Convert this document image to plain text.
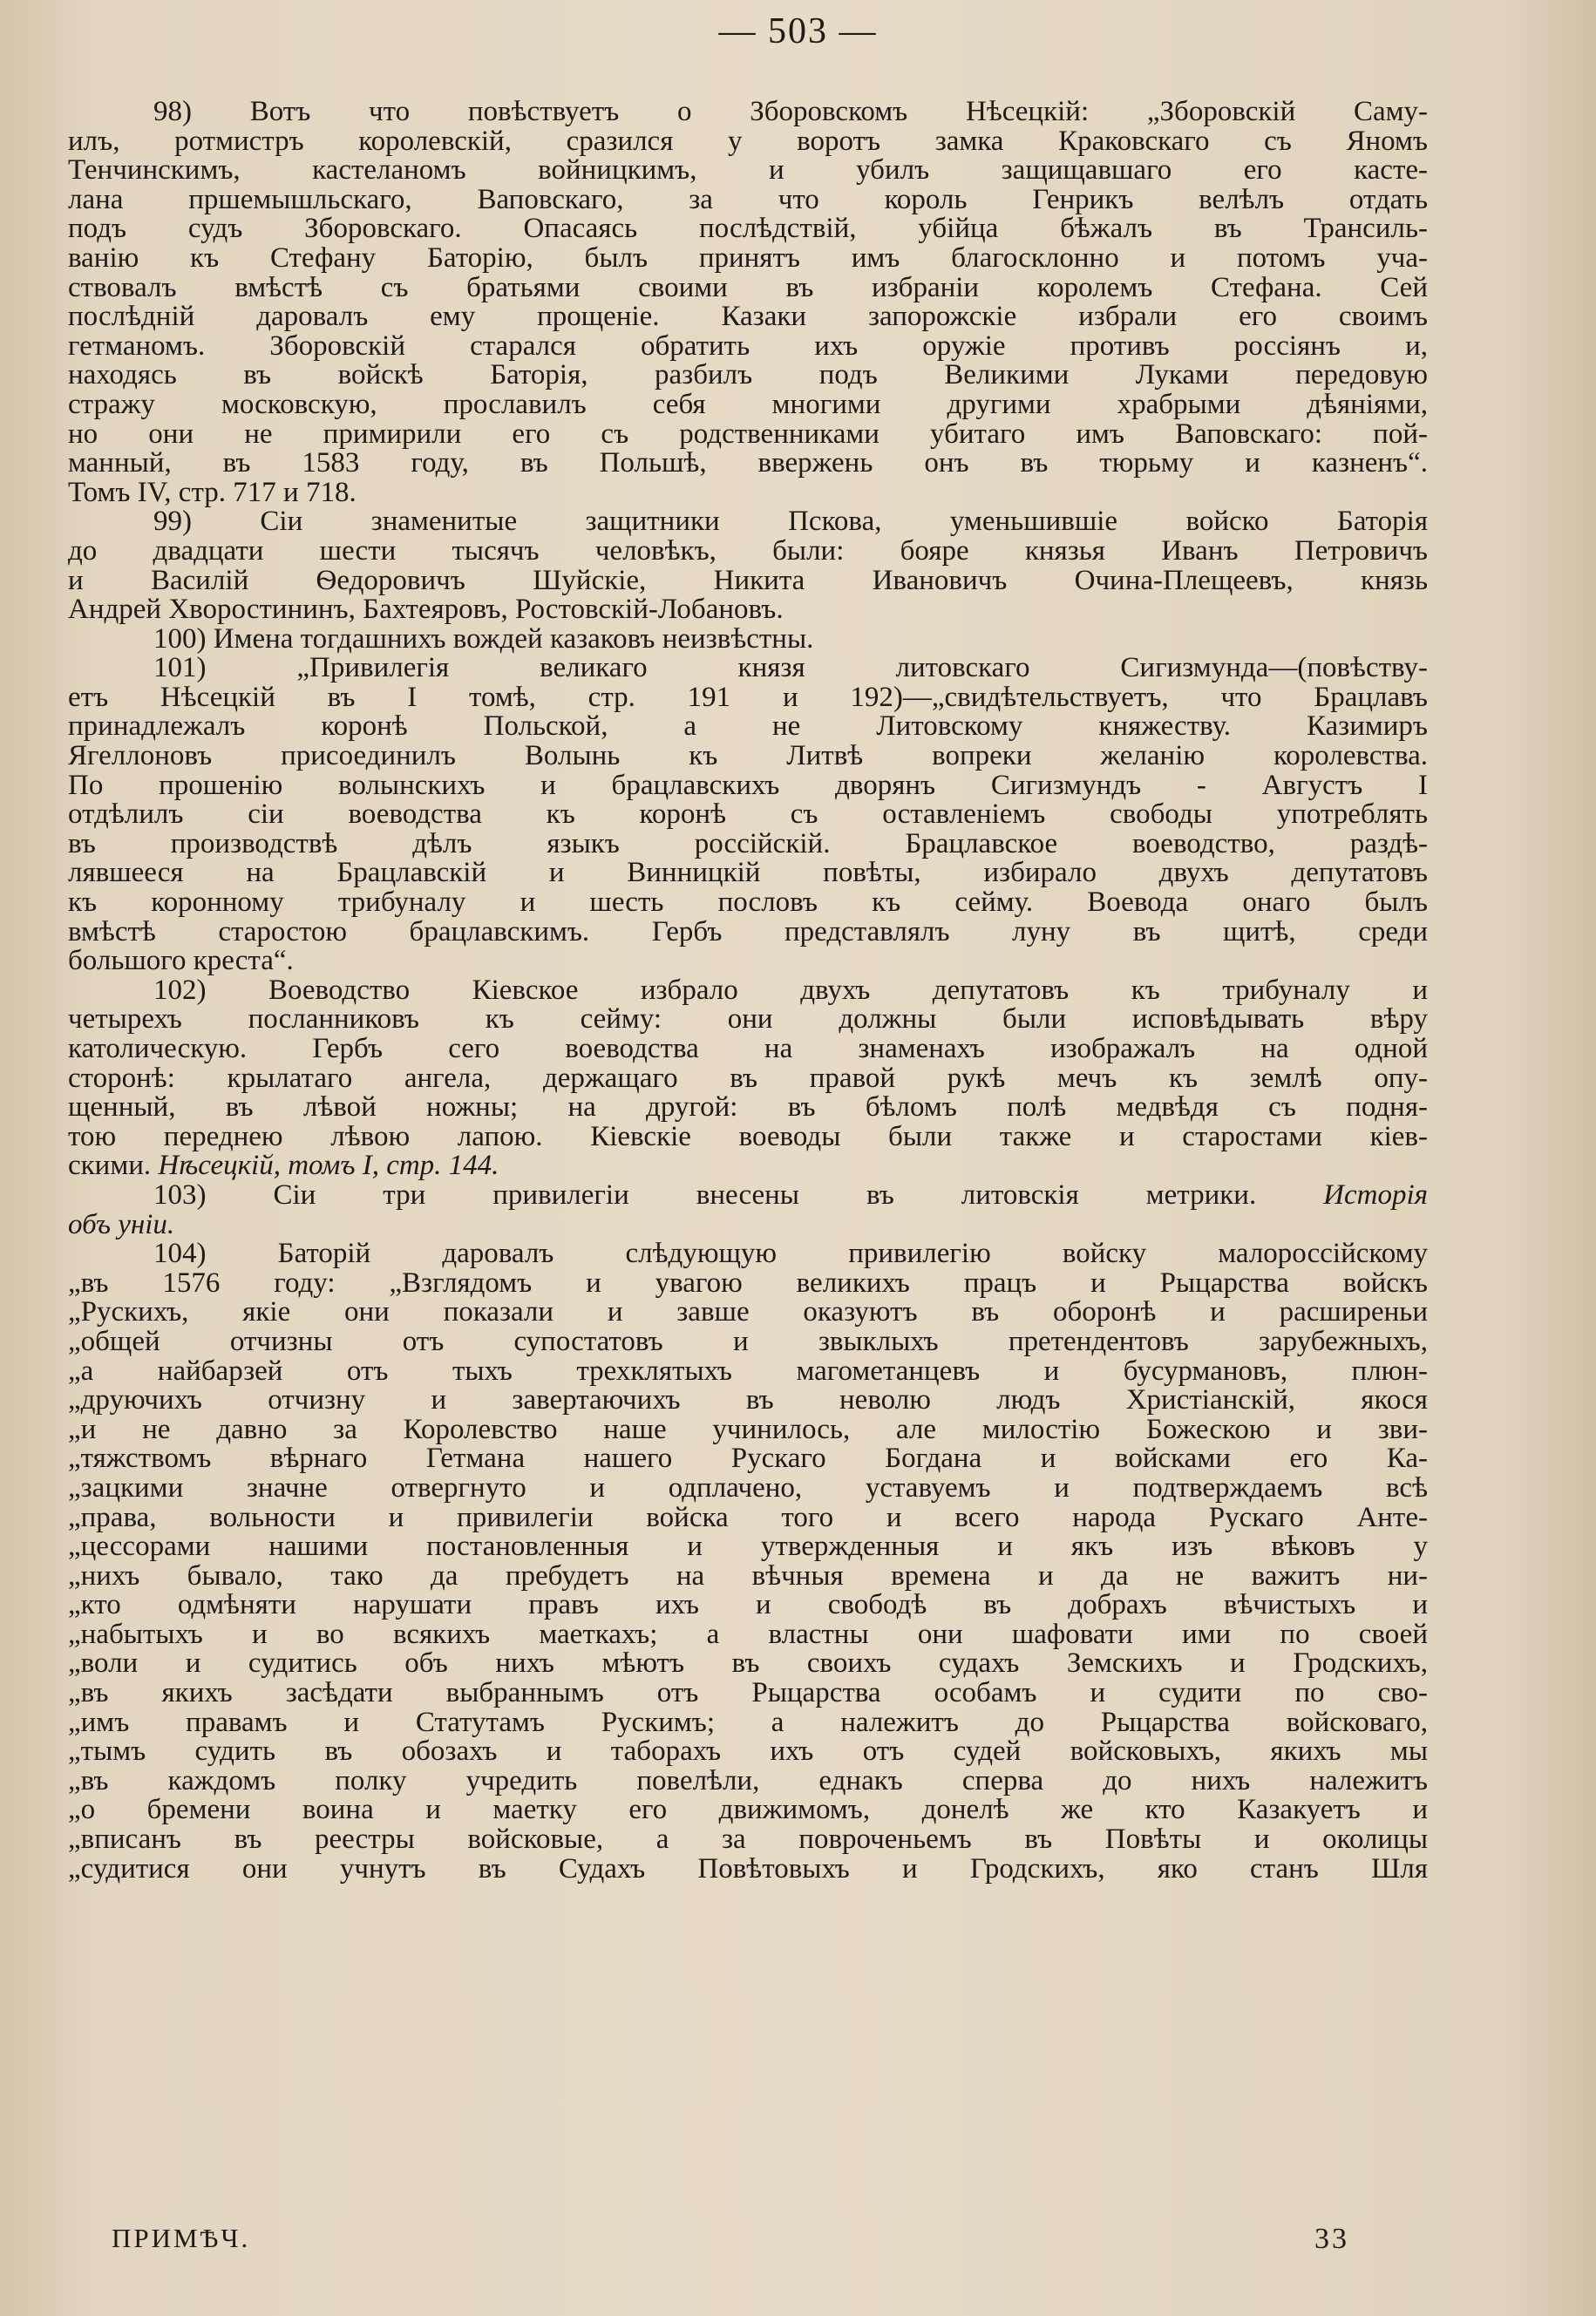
— 503 —
98) Вотъ что повѣствуетъ о Зборовскомъ Нѣсецкій: „Зборовскій Саму-
илъ, ротмистръ королевскій, сразился у воротъ замка Краковскаго съ Яномъ
Тенчинскимъ, кастеланомъ войницкимъ, и убилъ защищавшаго его касте-
лана пршемышльскаго, Ваповскаго, за что король Генрикъ велѣлъ отдать
подъ судъ Зборовскаго. Опасаясь послѣдствій, убійца бѣжалъ въ Трансиль-
ванію къ Стефану Баторію, былъ принятъ имъ благосклонно и потомъ уча-
ствовалъ вмѣстѣ съ братьями своими въ избраніи королемъ Стефана. Сей
послѣдній даровалъ ему прощеніе. Казаки запорожскіе избрали его своимъ
гетманомъ. Зборовскій старался обратить ихъ оружіе противъ россіянъ и,
находясь въ войскѣ Баторія, разбилъ подъ Великими Луками передовую
стражу московскую, прославилъ себя многими другими храбрыми дѣяніями,
но они не примирили его съ родственниками убитаго имъ Ваповскаго: пой-
манный, въ 1583 году, въ Польшѣ, ввержень онъ въ тюрьму и казненъ“.
Томъ IV, стр. 717 и 718.
99) Сіи знаменитые защитники Пскова, уменьшившіе войско Баторія
до двадцати шести тысячъ человѣкъ, были: бояре князья Иванъ Петровичъ
и Василій Ѳедоровичъ Шуйскіе, Никита Ивановичъ Очина-Плещеевъ, князь
Андрей Хворостининъ, Бахтеяровъ, Ростовскій-Лобановъ.
100) Имена тогдашнихъ вождей казаковъ неизвѣстны.
101) „Привилегія великаго князя литовскаго Сигизмунда—(повѣству-
етъ Нѣсецкій въ I томѣ, стр. 191 и 192)—„свидѣтельствуетъ, что Брацлавъ
принадлежалъ коронѣ Польской, а не Литовскому княжеству. Казимиръ
Ягеллоновъ присоединилъ Волынь къ Литвѣ вопреки желанію королевства.
По прошенію волынскихъ и брацлавскихъ дворянъ Сигизмундъ - Августъ I
отдѣлилъ сіи воеводства къ коронѣ съ оставленіемъ свободы употреблять
въ производствѣ дѣлъ языкъ россійскій. Брацлавское воеводство, раздѣ-
лявшееся на Брацлавскій и Винницкій повѣты, избирало двухъ депутатовъ
къ коронному трибуналу и шесть пословъ къ сейму. Воевода онаго былъ
вмѣстѣ старостою брацлавскимъ. Гербъ представлялъ луну въ щитѣ, среди
большого креста“.
102) Воеводство Кіевское избрало двухъ депутатовъ къ трибуналу и
четырехъ посланниковъ къ сейму: они должны были исповѣдывать вѣру
католическую. Гербъ сего воеводства на знаменахъ изображалъ на одной
сторонѣ: крылатаго ангела, держащаго въ правой рукѣ мечъ къ землѣ опу-
щенный, въ лѣвой ножны; на другой: въ бѣломъ полѣ медвѣдя съ подня-
тою переднею лѣвою лапою. Кіевскіе воеводы были также и старостами кіев-
скими. Нѣсецкій, томъ I, стр. 144.
103) Сіи три привилегіи внесены въ литовскія метрики. Исторія
объ уніи.
104) Баторій даровалъ слѣдующую привилегію войску малороссійскому
„въ 1576 году: „Взглядомъ и увагою великихъ працъ и Рыцарства войскъ
„Рускихъ, якіе они показали и завше оказуютъ въ оборонѣ и расширеньи
„общей отчизны отъ супостатовъ и звыклыхъ претендентовъ зарубежныхъ,
„а найбарзей отъ тыхъ трехклятыхъ магометанцевъ и бусурмановъ, плюн-
„друючихъ отчизну и завертаючихъ въ неволю людъ Христіанскій, якося
„и не давно за Королевство наше учинилось, але милостію Божескою и зви-
„тяжствомъ вѣрнаго Гетмана нашего Рускаго Богдана и войсками его Ка-
„зацкими значне отвергнуто и одплачено, уставуемъ и подтверждаемъ всѣ
„права, вольности и привилегіи войска того и всего народа Рускаго Анте-
„цессорами нашими постановленныя и утвержденныя и якъ изъ вѣковъ у
„нихъ бывало, тако да пребудетъ на вѣчныя времена и да не важитъ ни-
„кто одмѣняти нарушати правъ ихъ и свободѣ въ добрахъ вѣчистыхъ и
„набытыхъ и во всякихъ маеткахъ; а властны они шафовати ими по своей
„воли и судитись объ нихъ мѣютъ въ своихъ судахъ Земскихъ и Гродскихъ,
„въ якихъ засѣдати выбраннымъ отъ Рыцарства особамъ и судити по сво-
„имъ правамъ и Статутамъ Рускимъ; а належитъ до Рыцарства войсковаго,
„тымъ судить въ обозахъ и таборахъ ихъ отъ судей войсковыхъ, якихъ мы
„въ каждомъ полку учредить повелѣли, еднакъ сперва до нихъ належитъ
„о бремени воина и маетку его движимомъ, донелѣ же кто Казакуетъ и
„вписанъ въ реестры войсковые, а за повроченьемъ въ Повѣты и околицы
„судитися они учнутъ въ Судахъ Повѣтовыхъ и Гродскихъ, яко станъ Шля
ПРИМѢЧ.	33
